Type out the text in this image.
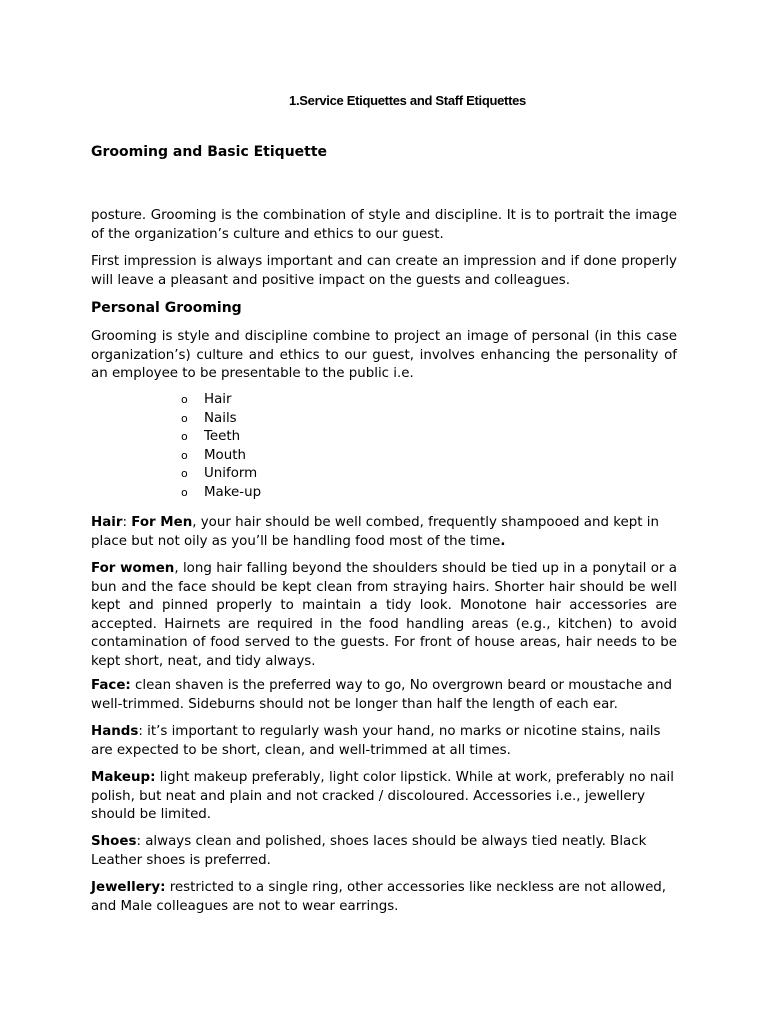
1.Service Etiquettes and Staff Etiquettes

Grooming and Basic Etiquette

posture. Grooming is the combination of style and discipline. It is to portrait the image of the organization’s culture and ethics to our guest.

First impression is always important and can create an impression and if done properly will leave a pleasant and positive impact on the guests and colleagues.

Personal Grooming

Grooming is style and discipline combine to project an image of personal (in this case organization’s) culture and ethics to our guest, involves enhancing the personality of an employee to be presentable to the public i.e.

o	Hair
o	Nails
o	Teeth
o	Mouth
o	Uniform
o	Make-up

Hair: For Men, your hair should be well combed, frequently shampooed and kept in place but not oily as you’ll be handling food most of the time.

For women, long hair falling beyond the shoulders should be tied up in a ponytail or a bun and the face should be kept clean from straying hairs. Shorter hair should be well kept and pinned properly to maintain a tidy look. Monotone hair accessories are accepted. Hairnets are required in the food handling areas (e.g., kitchen) to avoid contamination of food served to the guests. For front of house areas, hair needs to be kept short, neat, and tidy always.

Face: clean shaven is the preferred way to go, No overgrown beard or moustache and well-trimmed. Sideburns should not be longer than half the length of each ear.

Hands: it’s important to regularly wash your hand, no marks or nicotine stains, nails are expected to be short, clean, and well-trimmed at all times.

Makeup: light makeup preferably, light color lipstick. While at work, preferably no nail polish, but neat and plain and not cracked / discoloured. Accessories i.e., jewellery should be limited.

Shoes: always clean and polished, shoes laces should be always tied neatly. Black Leather shoes is preferred.

Jewellery: restricted to a single ring, other accessories like neckless are not allowed, and Male colleagues are not to wear earrings.
